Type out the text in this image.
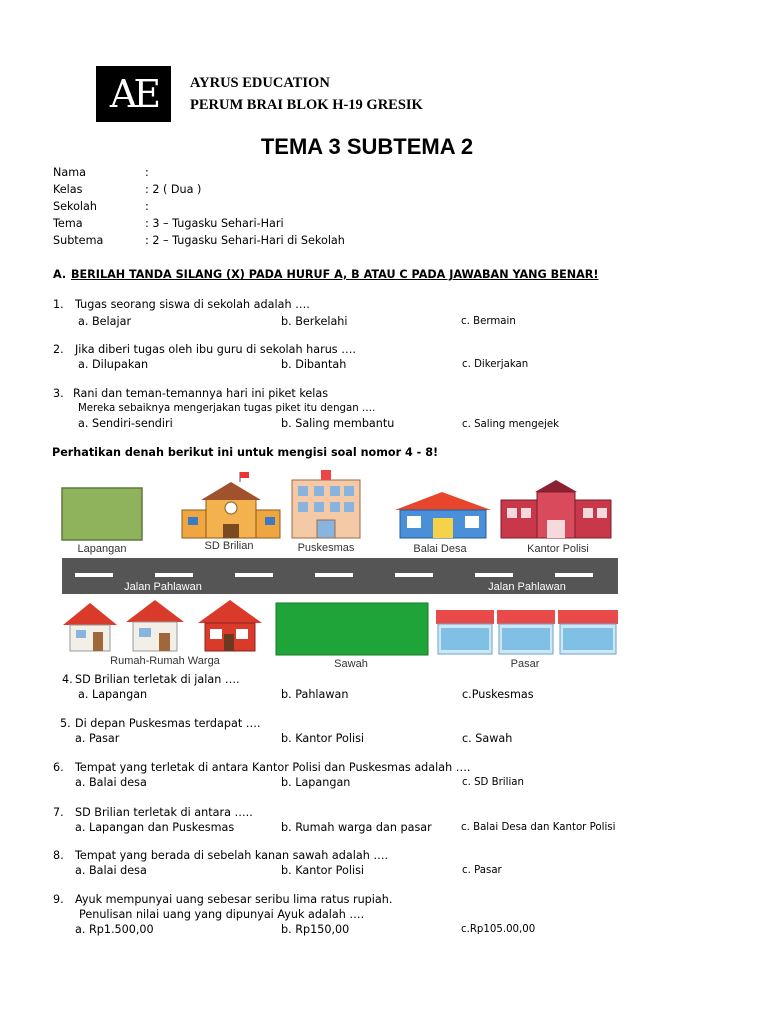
AE	AYRUS EDUCATION
PERUM BRAI BLOK H-19 GRESIK
TEMA 3 SUBTEMA 2
Nama	:
Kelas	: 2 ( Dua )
Sekolah	:
Tema	: 3 – Tugasku Sehari-Hari
Subtema	: 2 – Tugasku Sehari-Hari di Sekolah
A. BERILAH TANDA SILANG (X) PADA HURUF A, B ATAU C PADA JAWABAN YANG BENAR!
1. Tugas seorang siswa di sekolah adalah ….
a. Belajar	b. Berkelahi	c. Bermain
2. Jika diberi tugas oleh ibu guru di sekolah harus ….
a. Dilupakan	b. Dibantah	c. Dikerjakan
3. Rani dan teman-temannya hari ini piket kelas
Mereka sebaiknya mengerjakan tugas piket itu dengan ….
a. Sendiri-sendiri	b. Saling membantu	c. Saling mengejek
Perhatikan denah berikut ini untuk mengisi soal nomor 4 - 8!
Lapangan	SD Brilian	Puskesmas	Balai Desa	Kantor Polisi
Jalan Pahlawan	Jalan Pahlawan
Rumah-Rumah Warga	Sawah	Pasar
4. SD Brilian terletak di jalan ….
a. Lapangan	b. Pahlawan	c.Puskesmas
5. Di depan Puskesmas terdapat ….
a. Pasar	b. Kantor Polisi	c. Sawah
6. Tempat yang terletak di antara Kantor Polisi dan Puskesmas adalah ….
a. Balai desa	b. Lapangan	c. SD Brilian
7. SD Brilian terletak di antara …..
a. Lapangan dan Puskesmas	b. Rumah warga dan pasar	c. Balai Desa dan Kantor Polisi
8. Tempat yang berada di sebelah kanan sawah adalah ….
a. Balai desa	b. Kantor Polisi	c. Pasar
9. Ayuk mempunyai uang sebesar seribu lima ratus rupiah.
Penulisan nilai uang yang dipunyai Ayuk adalah ….
a. Rp1.500,00	b. Rp150,00	c.Rp105.00,00
